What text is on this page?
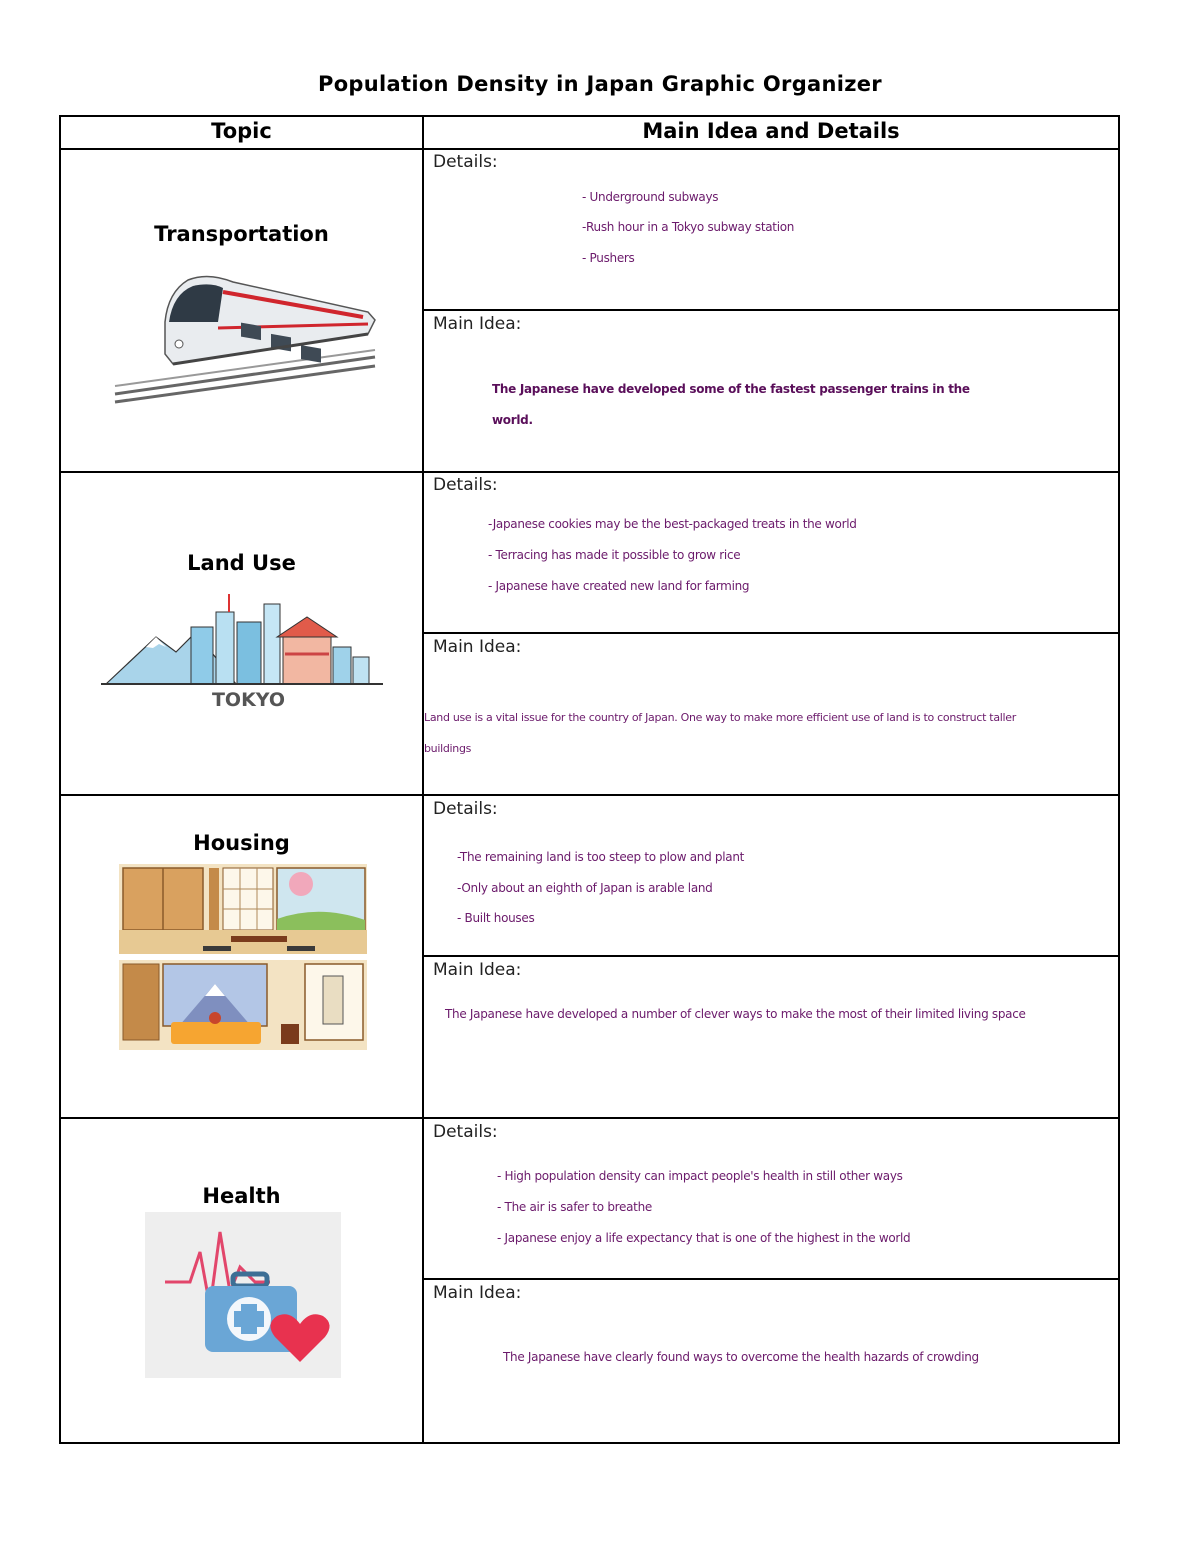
Population Density in Japan Graphic Organizer
Topic	Main Idea and Details
Transportation
Details:
- Underground subways
-Rush hour in a Tokyo subway station
- Pushers
Main Idea:
The Japanese have developed some of the fastest passenger trains in the
world.
Land Use
TOKYO
Details:
-Japanese cookies may be the best-packaged treats in the world
- Terracing has made it possible to grow rice
- Japanese have created new land for farming
Main Idea:
Land use is a vital issue for the country of Japan. One way to make more efficient use of land is to construct taller
buildings
Housing
Details:
-The remaining land is too steep to plow and plant
-Only about an eighth of Japan is arable land
- Built houses
Main Idea:
The Japanese have developed a number of clever ways to make the most of their limited living space
Health
Details:
- High population density can impact people's health in still other ways
- The air is safer to breathe
- Japanese enjoy a life expectancy that is one of the highest in the world
Main Idea:
The Japanese have clearly found ways to overcome the health hazards of crowding
